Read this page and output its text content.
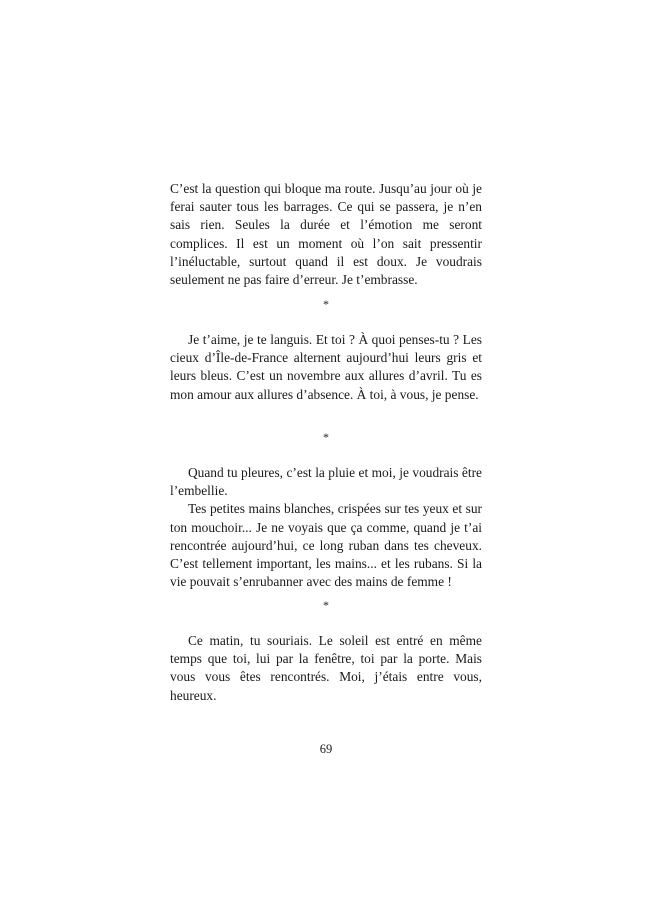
C’est la question qui bloque ma route. Jusqu’au jour où je ferai sauter tous les barrages. Ce qui se passera, je n’en sais rien. Seules la durée et l’émotion me seront complices. Il est un moment où l’on sait pressentir l’inéluctable, surtout quand il est doux. Je voudrais seulement ne pas faire d’erreur. Je t’embrasse.

*

Je t’aime, je te languis. Et toi ? À quoi penses-tu ? Les cieux d’Île-de-France alternent aujourd’hui leurs gris et leurs bleus. C’est un novembre aux allures d’avril. Tu es mon amour aux allures d’absence. À toi, à vous, je pense.

*

Quand tu pleures, c’est la pluie et moi, je voudrais être l’embellie.

Tes petites mains blanches, crispées sur tes yeux et sur ton mouchoir... Je ne voyais que ça comme, quand je t’ai rencontrée aujourd’hui, ce long ruban dans tes cheveux. C’est tellement important, les mains... et les rubans. Si la vie pouvait s’enrubanner avec des mains de femme !

*

Ce matin, tu souriais. Le soleil est entré en même temps que toi, lui par la fenêtre, toi par la porte. Mais vous vous êtes rencontrés. Moi, j’étais entre vous, heureux.

69
